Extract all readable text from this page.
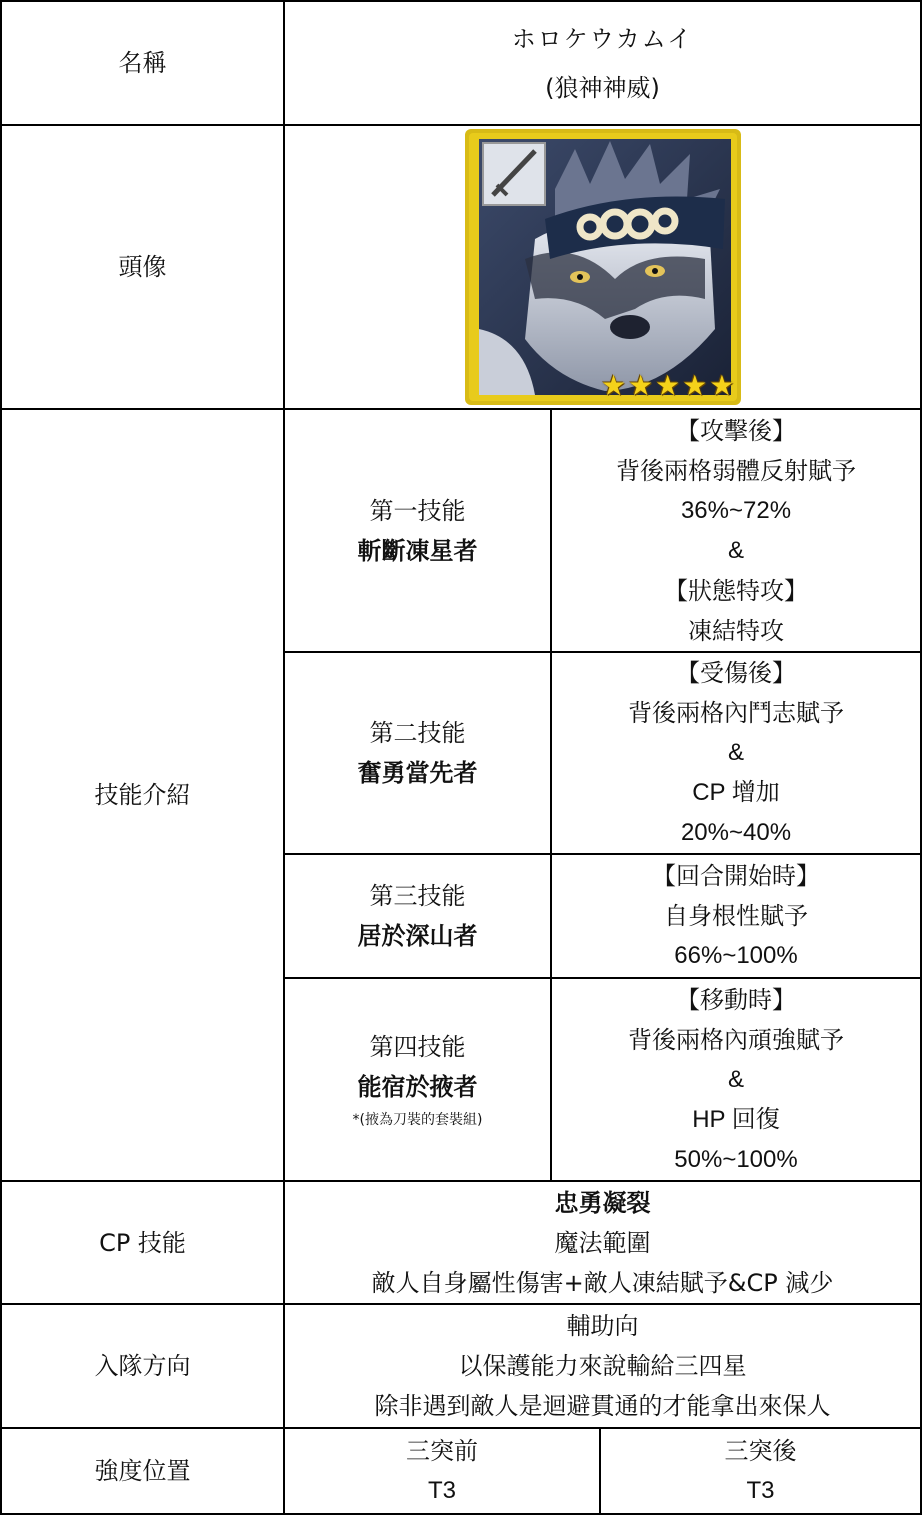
名稱
ホロケウカムイ
(狼神神威)
頭像
★ ★ ★ ★ ★
技能介紹
第一技能
斬斷凍星者
【攻擊後】
背後兩格弱體反射賦予
36%~72%
&
【狀態特攻】
凍結特攻
第二技能
奮勇當先者
【受傷後】
背後兩格內鬥志賦予
&
CP 增加
20%~40%
第三技能
居於深山者
【回合開始時】
自身根性賦予
66%~100%
第四技能
能宿於掖者
*(掖為刀裝的套裝組)
【移動時】
背後兩格內頑強賦予
&
HP 回復
50%~100%
CP 技能
忠勇凝裂
魔法範圍
敵人自身屬性傷害+敵人凍結賦予&CP 減少
入隊方向
輔助向
以保護能力來說輸給三四星
除非遇到敵人是迴避貫通的才能拿出來保人
強度位置
三突前
T3
三突後
T3
